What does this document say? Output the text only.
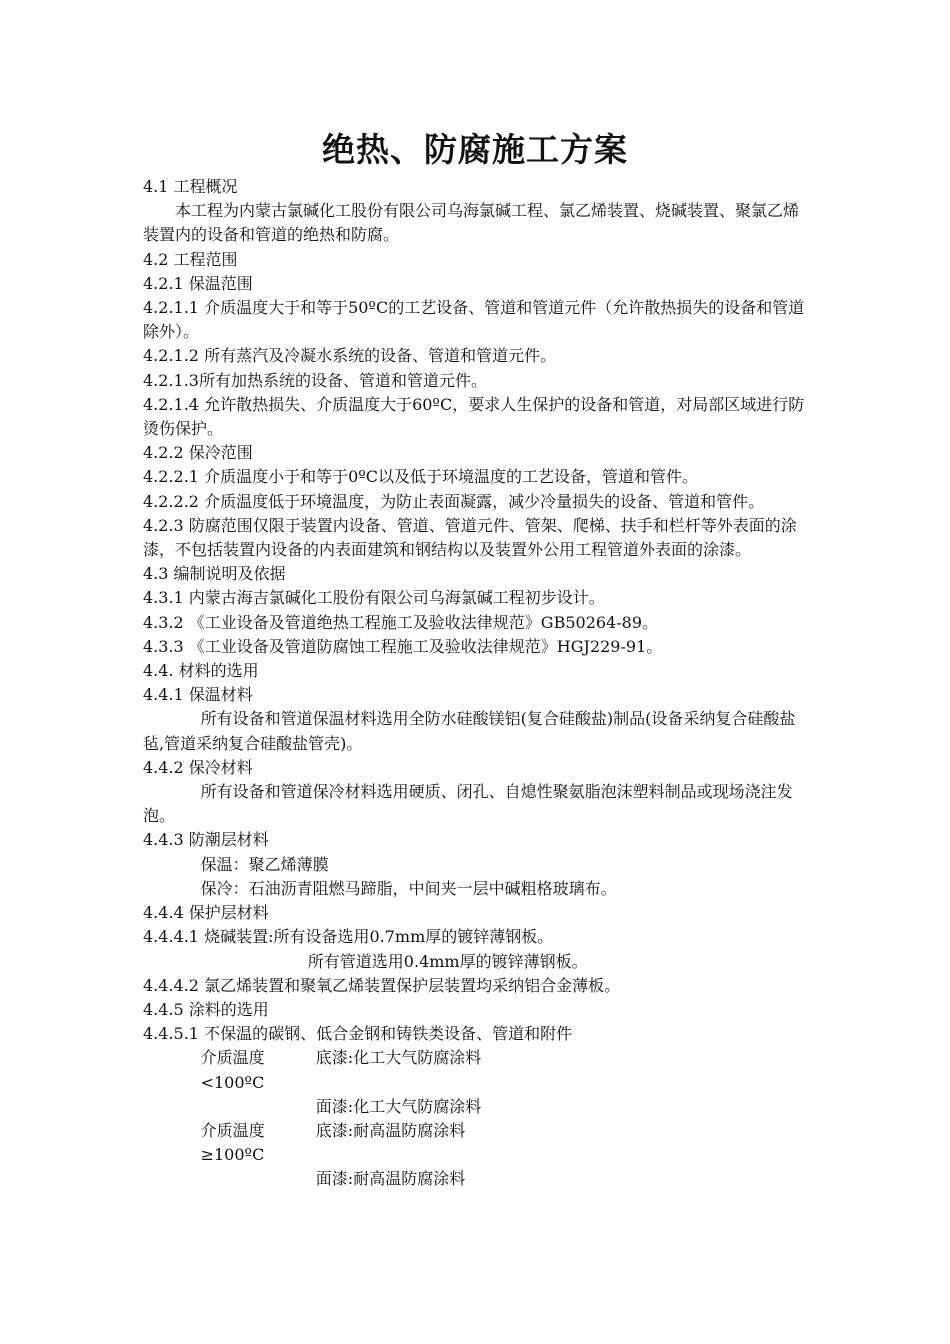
绝热、防腐施工方案

4.1 工程概况

本工程为内蒙古氯碱化工股份有限公司乌海氯碱工程、氯乙烯装置、烧碱装置、聚氯乙烯装置内的设备和管道的绝热和防腐。

4.2 工程范围

4.2.1 保温范围

4.2.1.1 介质温度大于和等于50ºC的工艺设备、管道和管道元件（允许散热损失的设备和管道除外）。

4.2.1.2 所有蒸汽及冷凝水系统的设备、管道和管道元件。

4.2.1.3所有加热系统的设备、管道和管道元件。

4.2.1.4 允许散热损失、介质温度大于60ºC，要求人生保护的设备和管道，对局部区域进行防烫伤保护。

4.2.2 保冷范围

4.2.2.1 介质温度小于和等于0ºC以及低于环境温度的工艺设备，管道和管件。

4.2.2.2 介质温度低于环境温度，为防止表面凝露，减少冷量损失的设备、管道和管件。

4.2.3 防腐范围仅限于装置内设备、管道、管道元件、管架、爬梯、扶手和栏杆等外表面的涂漆，不包括装置内设备的内表面建筑和钢结构以及装置外公用工程管道外表面的涂漆。

4.3 编制说明及依据

4.3.1 内蒙古海吉氯碱化工股份有限公司乌海氯碱工程初步设计。

4.3.2 《工业设备及管道绝热工程施工及验收法律规范》GB50264-89。

4.3.3 《工业设备及管道防腐蚀工程施工及验收法律规范》HGJ229-91。

4.4. 材料的选用

4.4.1 保温材料

所有设备和管道保温材料选用全防水硅酸镁铝(复合硅酸盐)制品(设备采纳复合硅酸盐毡,管道采纳复合硅酸盐管壳)。

4.4.2 保冷材料

所有设备和管道保冷材料选用硬质、闭孔、自熄性聚氨脂泡沫塑料制品或现场浇注发泡。

4.4.3 防潮层材料

保温：聚乙烯薄膜

保冷：石油沥青阻燃马蹄脂，中间夹一层中碱粗格玻璃布。

4.4.4 保护层材料

4.4.4.1 烧碱装置:所有设备选用0.7mm厚的镀锌薄钢板。

所有管道选用0.4mm厚的镀锌薄钢板。

4.4.4.2 氯乙烯装置和聚氧乙烯装置保护层装置均采纳铝合金薄板。

4.4.5 涂料的选用

4.4.5.1 不保温的碳钢、低合金钢和铸铁类设备、管道和附件

介质温度<100ºC
底漆:化工大气防腐涂料
面漆:化工大气防腐涂料
介质温度≥100ºC
底漆:耐高温防腐涂料
面漆:耐高温防腐涂料
